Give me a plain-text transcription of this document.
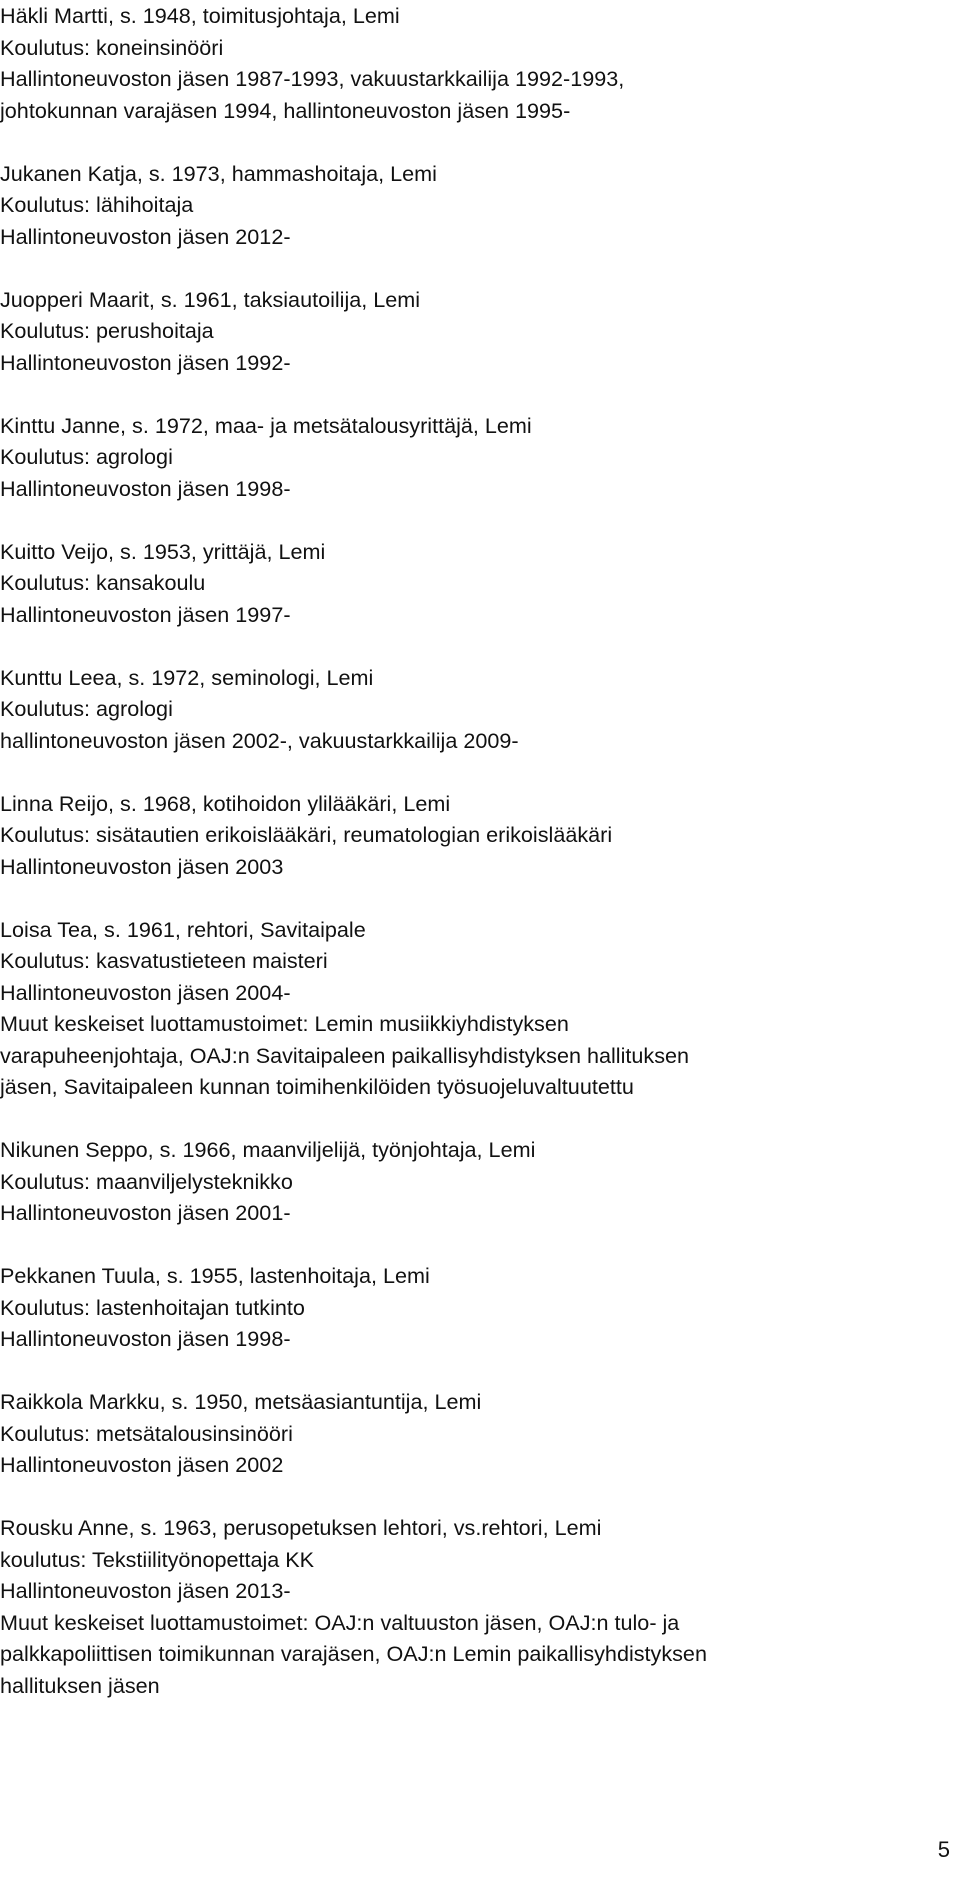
Häkli Martti, s. 1948, toimitusjohtaja, Lemi
Koulutus: koneinsinööri
Hallintoneuvoston jäsen 1987-1993, vakuustarkkailija 1992-1993,
johtokunnan varajäsen 1994, hallintoneuvoston jäsen 1995-
Jukanen Katja, s. 1973, hammashoitaja, Lemi
Koulutus: lähihoitaja
Hallintoneuvoston jäsen 2012-
Juopperi Maarit, s. 1961, taksiautoilija, Lemi
Koulutus: perushoitaja
Hallintoneuvoston jäsen 1992-
Kinttu Janne, s. 1972, maa- ja metsätalousyrittäjä, Lemi
Koulutus: agrologi
Hallintoneuvoston jäsen 1998-
Kuitto Veijo, s. 1953, yrittäjä, Lemi
Koulutus: kansakoulu
Hallintoneuvoston jäsen 1997-
Kunttu Leea, s. 1972, seminologi, Lemi
Koulutus: agrologi
hallintoneuvoston jäsen 2002-, vakuustarkkailija 2009-
Linna Reijo, s. 1968, kotihoidon ylilääkäri, Lemi
Koulutus: sisätautien erikoislääkäri, reumatologian erikoislääkäri
Hallintoneuvoston jäsen 2003
Loisa Tea, s. 1961, rehtori, Savitaipale
Koulutus: kasvatustieteen maisteri
Hallintoneuvoston jäsen 2004-
Muut keskeiset luottamustoimet: Lemin musiikkiyhdistyksen
varapuheenjohtaja, OAJ:n Savitaipaleen paikallisyhdistyksen hallituksen
jäsen, Savitaipaleen kunnan toimihenkilöiden työsuojeluvaltuutettu
Nikunen Seppo, s. 1966, maanviljelijä, työnjohtaja, Lemi
Koulutus: maanviljelysteknikko
Hallintoneuvoston jäsen 2001-
Pekkanen Tuula, s. 1955, lastenhoitaja, Lemi
Koulutus: lastenhoitajan tutkinto
Hallintoneuvoston jäsen 1998-
Raikkola Markku, s. 1950, metsäasiantuntija, Lemi
Koulutus: metsätalousinsinööri
Hallintoneuvoston jäsen 2002
Rousku Anne, s. 1963, perusopetuksen lehtori, vs.rehtori, Lemi
koulutus: Tekstiilityönopettaja KK
Hallintoneuvoston jäsen 2013-
Muut keskeiset luottamustoimet: OAJ:n valtuuston jäsen, OAJ:n tulo- ja
palkkapoliittisen toimikunnan varajäsen, OAJ:n Lemin paikallisyhdistyksen
hallituksen jäsen
5
